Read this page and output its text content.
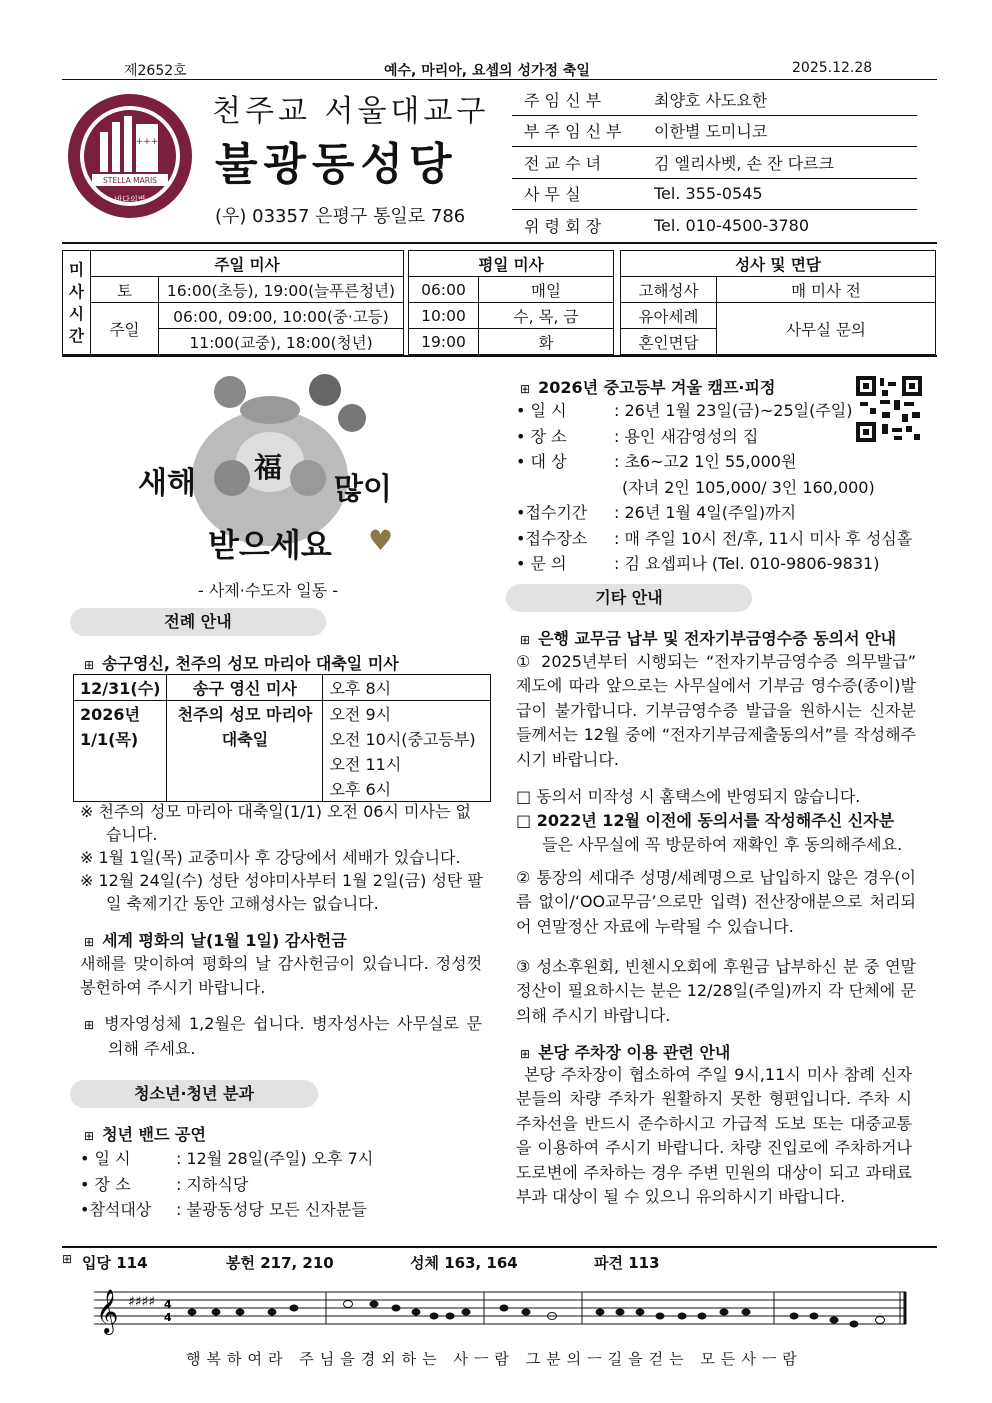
제2652호	예수, 마리아, 요셉의 성가정 축일	2025.12.28
+++
STELLA MARIS
바다의별
천주교 서울대교구
불광동성당
(우) 03357 은평구 통일로 786
주 임 신 부	최양호 사도요한
부 주 임 신 부	이한별 도미니코
전 교 수 녀	김 엘리사벳, 손 잔 다르크
사 무 실	Tel. 355-0545
위 령 회 장	Tel. 010-4500-3780
미사 시간	주일 미사	
	토	16:00(초등), 19:00(늘푸른청년)
	주일	06:00, 09:00, 10:00(중·고등)
		11:00(교중), 18:00(청년)
평일 미사	
06:00	매일
10:00	수, 목, 금
19:00	화
성사 및 면담	
고해성사	매 미사 전
유아세례	사무실 문의
혼인면담	
새해 福
많이
받으세요 ♥
- 사제·수도자 일동 -
전례 안내
⊞ 송구영신, 천주의 성모 마리아 대축일 미사
12/31(수)	송구 영신 미사	오후 8시
2026년 1/1(목)	천주의 성모 마리아 대축일	오전 9시
		오전 10시(중고등부)
		오전 11시
		오후 6시
※ 천주의 성모 마리아 대축일(1/1) 오전 06시 미사는 없습니다.
※ 1월 1일(목) 교중미사 후 강당에서 세배가 있습니다.
※ 12월 24일(수) 성탄 성야미사부터 1월 2일(금) 성탄 팔일 축제기간 동안 고해성사는 없습니다.
⊞ 세계 평화의 날(1월 1일) 감사헌금
새해를 맞이하여 평화의 날 감사헌금이 있습니다. 정성껏 봉헌하여 주시기 바랍니다.
⊞ 병자영성체 1,2월은 쉽니다. 병자성사는 사무실로 문의해 주세요.
청소년·청년 분과
⊞ 청년 밴드 공연
• 일 시	: 12월 28일(주일) 오후 7시
• 장 소	: 지하식당
•참석대상	: 불광동성당 모든 신자분들
⊞ 2026년 중고등부 겨울 캠프·피정
• 일 시	: 26년 1월 23일(금)~25일(주일)
• 장 소	: 용인 새감영성의 집
• 대 상	: 초6~고2 1인 55,000원
(자녀 2인 105,000/ 3인 160,000)
•접수기간	: 26년 1월 4일(주일)까지
•접수장소	: 매 주일 10시 전/후, 11시 미사 후 성심홀
• 문 의	: 김 요셉피나 (Tel. 010-9806-9831)
기타 안내
⊞ 은행 교무금 납부 및 전자기부금영수증 동의서 안내
① 2025년부터 시행되는 “전자기부금영수증 의무발급” 제도에 따라 앞으로는 사무실에서 기부금 영수증(종이)발급이 불가합니다. 기부금영수증 발급을 원하시는 신자분들께서는 12월 중에 “전자기부금제출동의서”를 작성해주시기 바랍니다.
□ 동의서 미작성 시 홈택스에 반영되지 않습니다.
□ 2022년 12월 이전에 동의서를 작성해주신 신자분
들은 사무실에 꼭 방문하여 재확인 후 동의해주세요.
② 통장의 세대주 성명/세례명으로 납입하지 않은 경우(이름 없이/‘OO교무금’으로만 입력) 전산장애분으로 처리되어 연말정산 자료에 누락될 수 있습니다.
③ 성소후원회, 빈첸시오회에 후원금 납부하신 분 중 연말정산이 필요하시는 분은 12/28일(주일)까지 각 단체에 문의해 주시기 바랍니다.
⊞ 본당 주차장 이용 관련 안내
본당 주차장이 협소하여 주일 9시,11시 미사 참례 신자분들의 차량 주차가 원활하지 못한 형편입니다. 주차 시 주차선을 반드시 준수하시고 가급적 도보 또는 대중교통을 이용하여 주시기 바랍니다. 차량 진입로에 주차하거나 도로변에 주차하는 경우 주변 민원의 대상이 되고 과태료 부과 대상이 될 수 있으니 유의하시기 바랍니다.
⊞ 입당 114	봉헌 217, 210	성체 163, 164	파견 113
𝄞 ♯♯♯♯ 4
4
행복하여라 주님을경외하는 사ㅡ람 그분의ㅡ길을걷는 모든사ㅡ람
